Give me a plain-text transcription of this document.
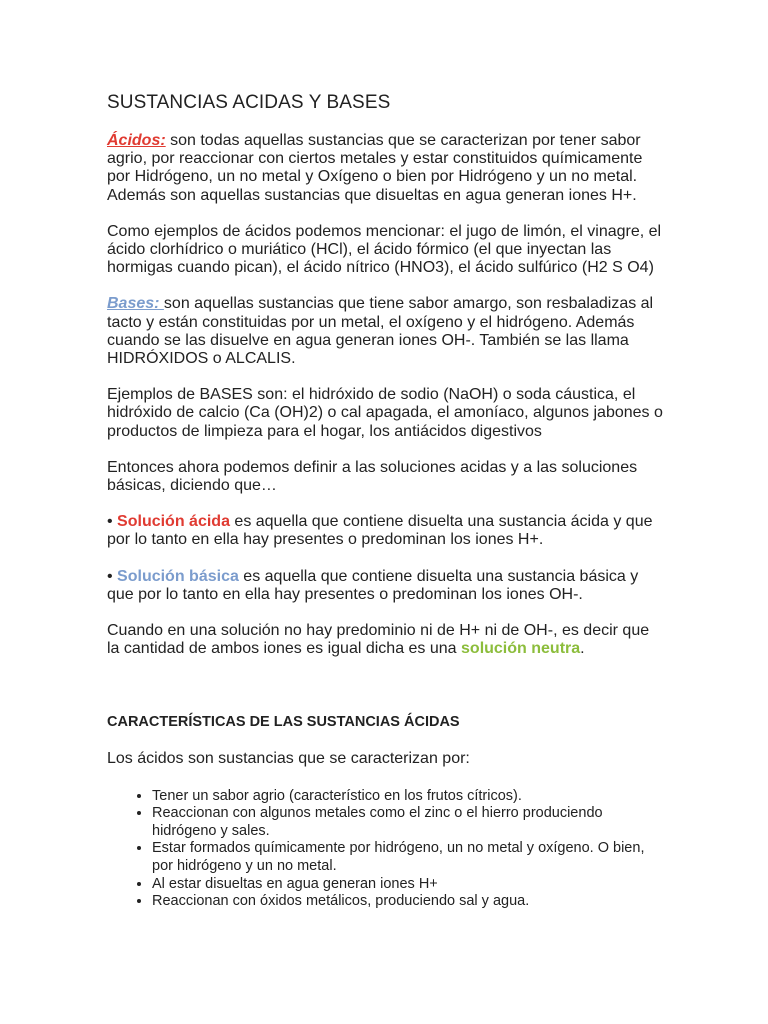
SUSTANCIAS ACIDAS Y BASES

Ácidos: son todas aquellas sustancias que se caracterizan por tener sabor agrio, por reaccionar con ciertos metales y estar constituidos químicamente por Hidrógeno, un no metal y Oxígeno o bien por Hidrógeno y un no metal. Además son aquellas sustancias que disueltas en agua generan iones H+.

Como ejemplos de ácidos podemos mencionar: el jugo de limón, el vinagre, el ácido clorhídrico o muriático (HCl), el ácido fórmico (el que inyectan las hormigas cuando pican), el ácido nítrico (HNO3), el ácido sulfúrico (H2 S O4)

Bases: son aquellas sustancias que tiene sabor amargo, son resbaladizas al tacto y están constituidas por un metal, el oxígeno y el hidrógeno. Además cuando se las disuelve en agua generan iones OH-. También se las llama HIDRÓXIDOS o ALCALIS.

Ejemplos de BASES son: el hidróxido de sodio (NaOH) o soda cáustica, el hidróxido de calcio (Ca (OH)2) o cal apagada, el amoníaco, algunos jabones o productos de limpieza para el hogar, los antiácidos digestivos

Entonces ahora podemos definir a las soluciones acidas y a las soluciones básicas, diciendo que…

• Solución ácida es aquella que contiene disuelta una sustancia ácida y que por lo tanto en ella hay presentes o predominan los iones H+.

• Solución básica es aquella que contiene disuelta una sustancia básica y que por lo tanto en ella hay presentes o predominan los iones OH-.

Cuando en una solución no hay predominio ni de H+ ni de OH-, es decir que la cantidad de ambos iones es igual dicha es una solución neutra.

CARACTERÍSTICAS DE LAS SUSTANCIAS ÁCIDAS

Los ácidos son sustancias que se caracterizan por:

• Tener un sabor agrio (característico en los frutos cítricos).
• Reaccionan con algunos metales como el zinc o el hierro produciendo hidrógeno y sales.
• Estar formados químicamente por hidrógeno, un no metal y oxígeno. O bien, por hidrógeno y un no metal.
• Al estar disueltas en agua generan iones H+
• Reaccionan con óxidos metálicos, produciendo sal y agua.
